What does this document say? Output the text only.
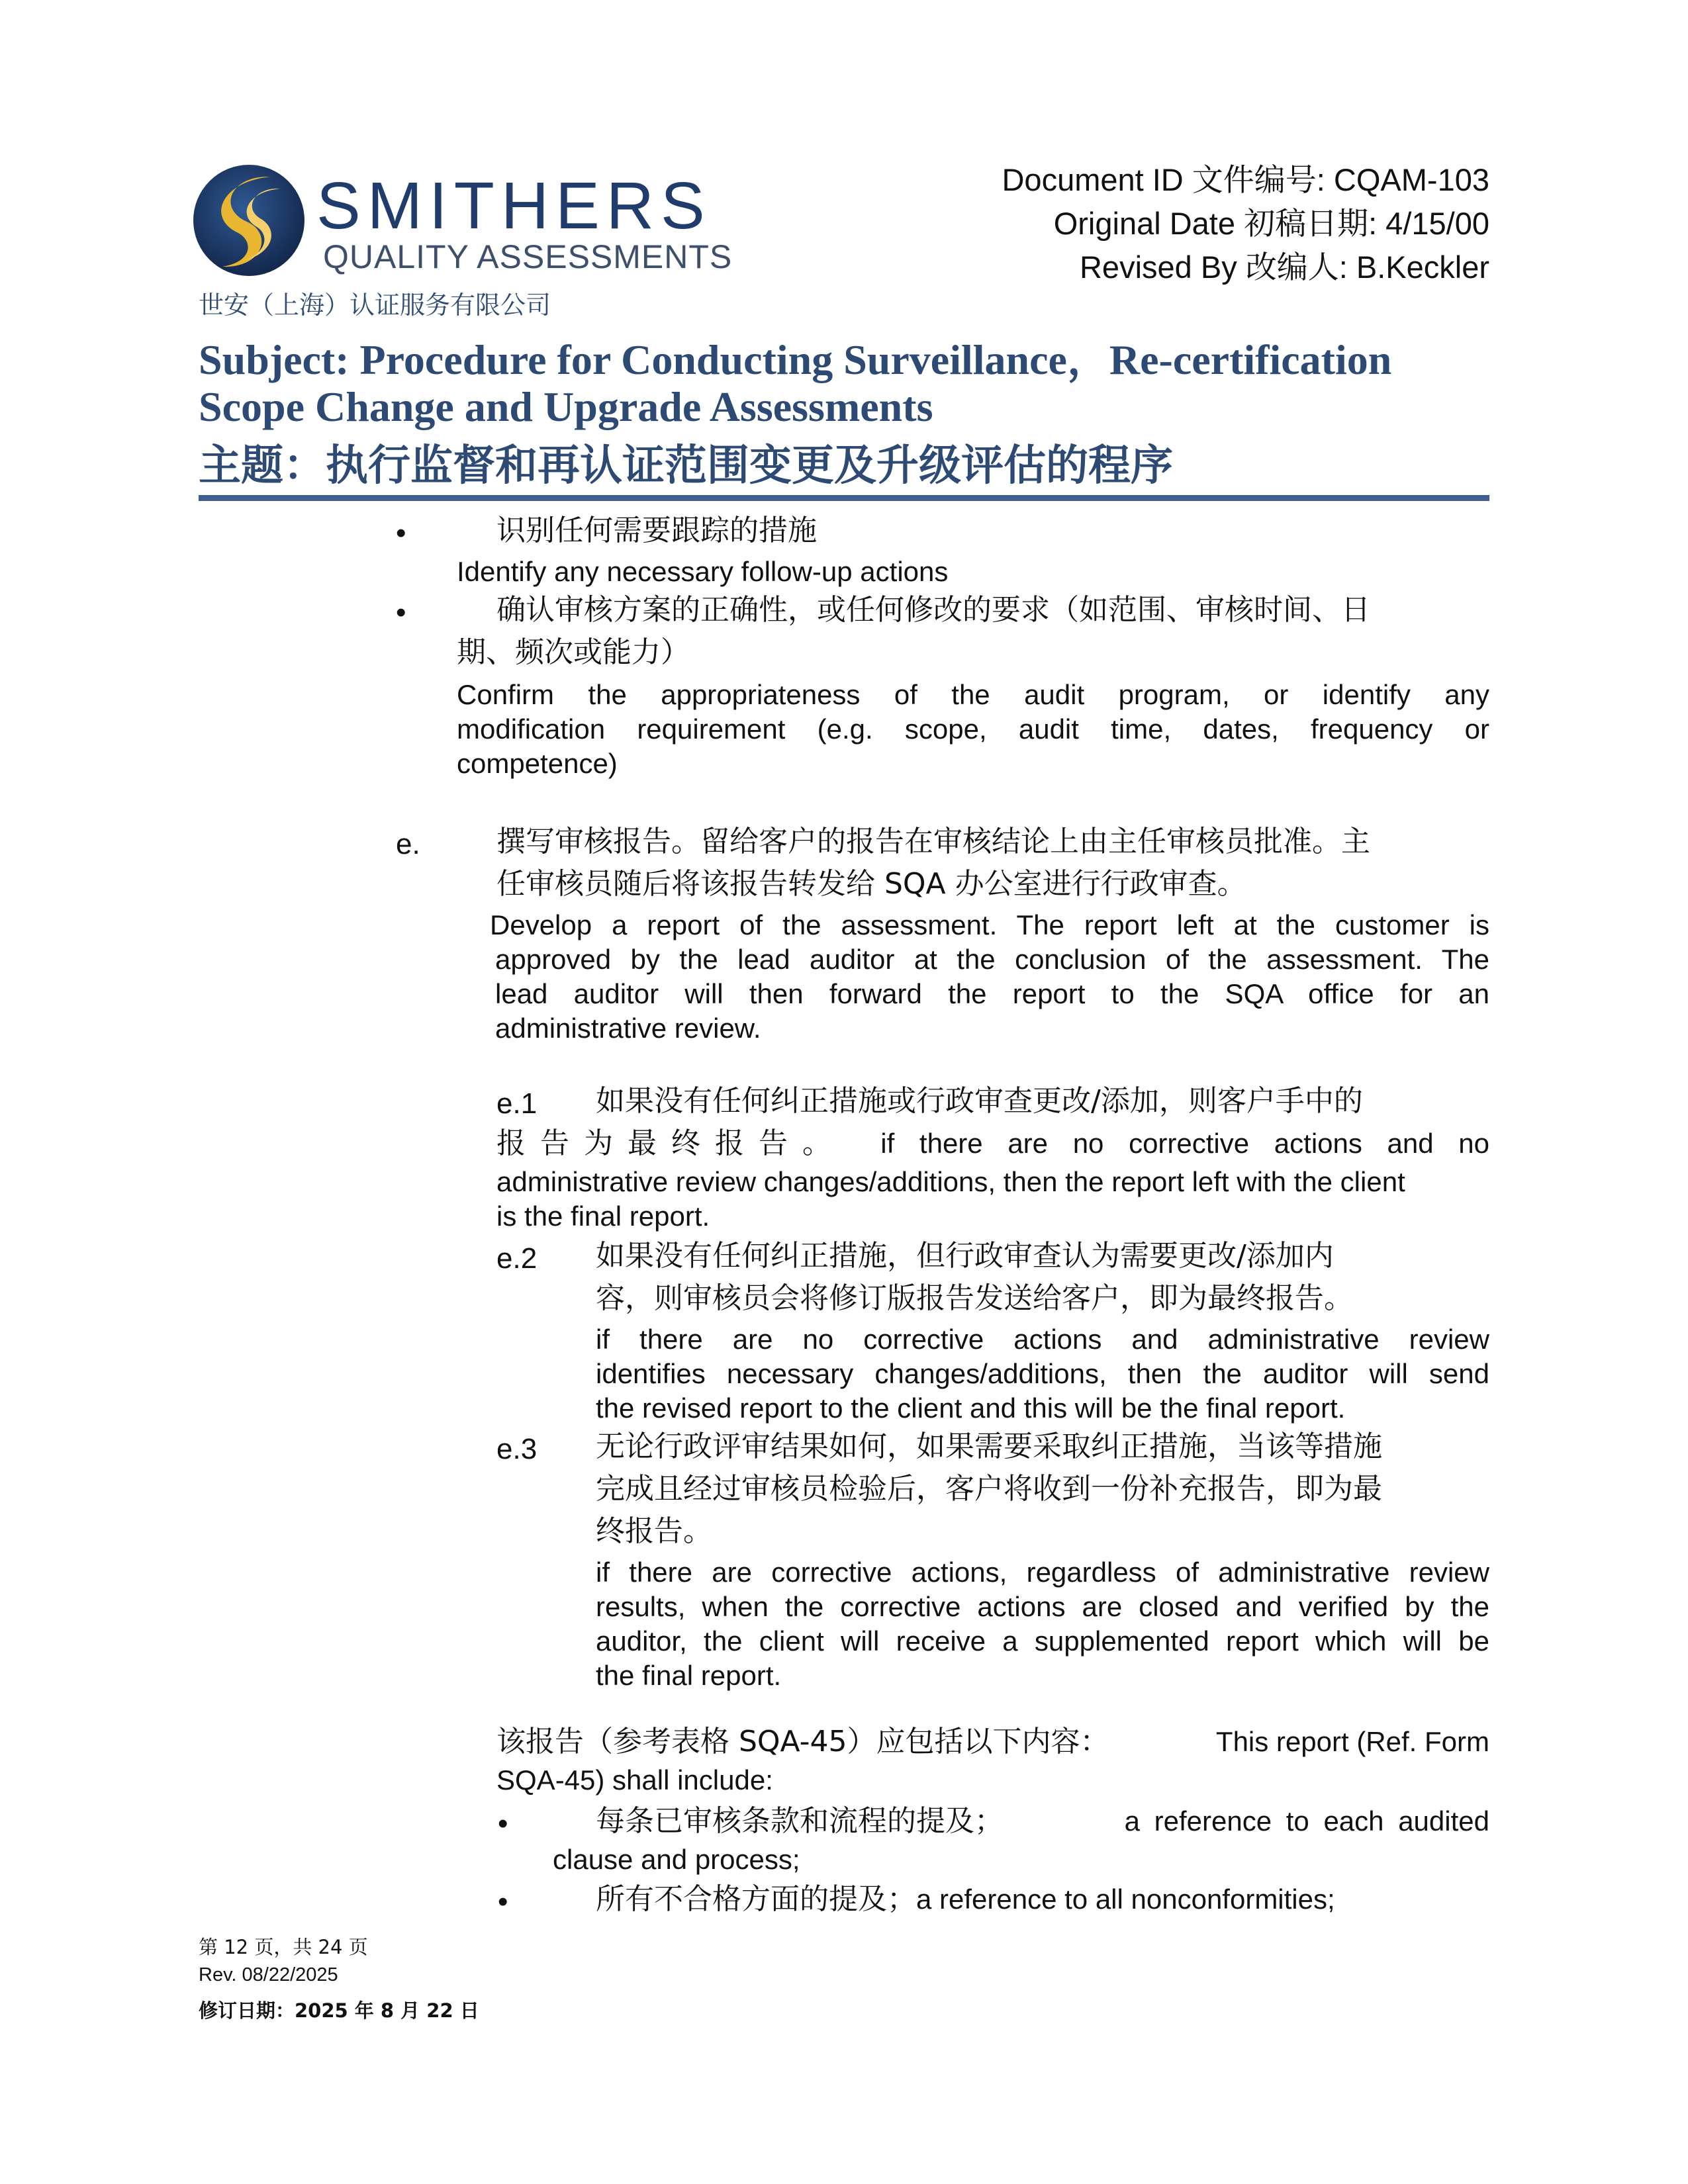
SMITHERS
QUALITY ASSESSMENTS
世安（上海）认证服务有限公司
Document ID 文件编号: CQAM-103
Original Date 初稿日期: 4/15/00
Revised By 改编人: B.Keckler
Subject: Procedure for Conducting Surveillance，Re-certification
Scope Change and Upgrade Assessments
主题：执行监督和再认证范围变更及升级评估的程序
•	识别任何需要跟踪的措施
Identify any necessary follow-up actions
•	确认审核方案的正确性，或任何修改的要求（如范围、审核时间、日
期、频次或能力）
Confirm the appropriateness of the audit program, or identify any
modification requirement (e.g. scope, audit time, dates, frequency or
competence)
e.	撰写审核报告。留给客户的报告在审核结论上由主任审核员批准。主
任审核员随后将该报告转发给 SQA 办公室进行行政审查。
Develop a report of the assessment. The report left at the customer is
approved by the lead auditor at the conclusion of the assessment. The
lead auditor will then forward the report to the SQA office for an
administrative review.
e.1 如果没有任何纠正措施或行政审查更改/添加，则客户手中的
报告为最终报告。 if there are no corrective actions and no
administrative review changes/additions, then the report left with the client
is the final report.
e.2 如果没有任何纠正措施，但行政审查认为需要更改/添加内
容，则审核员会将修订版报告发送给客户，即为最终报告。
if there are no corrective actions and administrative review
identifies necessary changes/additions, then the auditor will send
the revised report to the client and this will be the final report.
e.3 无论行政评审结果如何，如果需要采取纠正措施，当该等措施
完成且经过审核员检验后，客户将收到一份补充报告，即为最
终报告。
if there are corrective actions, regardless of administrative review
results, when the corrective actions are closed and verified by the
auditor, the client will receive a supplemented report which will be
the final report.
该报告（参考表格 SQA-45）应包括以下内容：	This report (Ref. Form
SQA-45) shall include:
•	每条已审核条款和流程的提及；	a reference to each audited
clause and process;
•	所有不合格方面的提及； a reference to all nonconformities;
第 12 页，共 24 页
Rev. 08/22/2025
修订日期：2025 年 8 月 22 日
